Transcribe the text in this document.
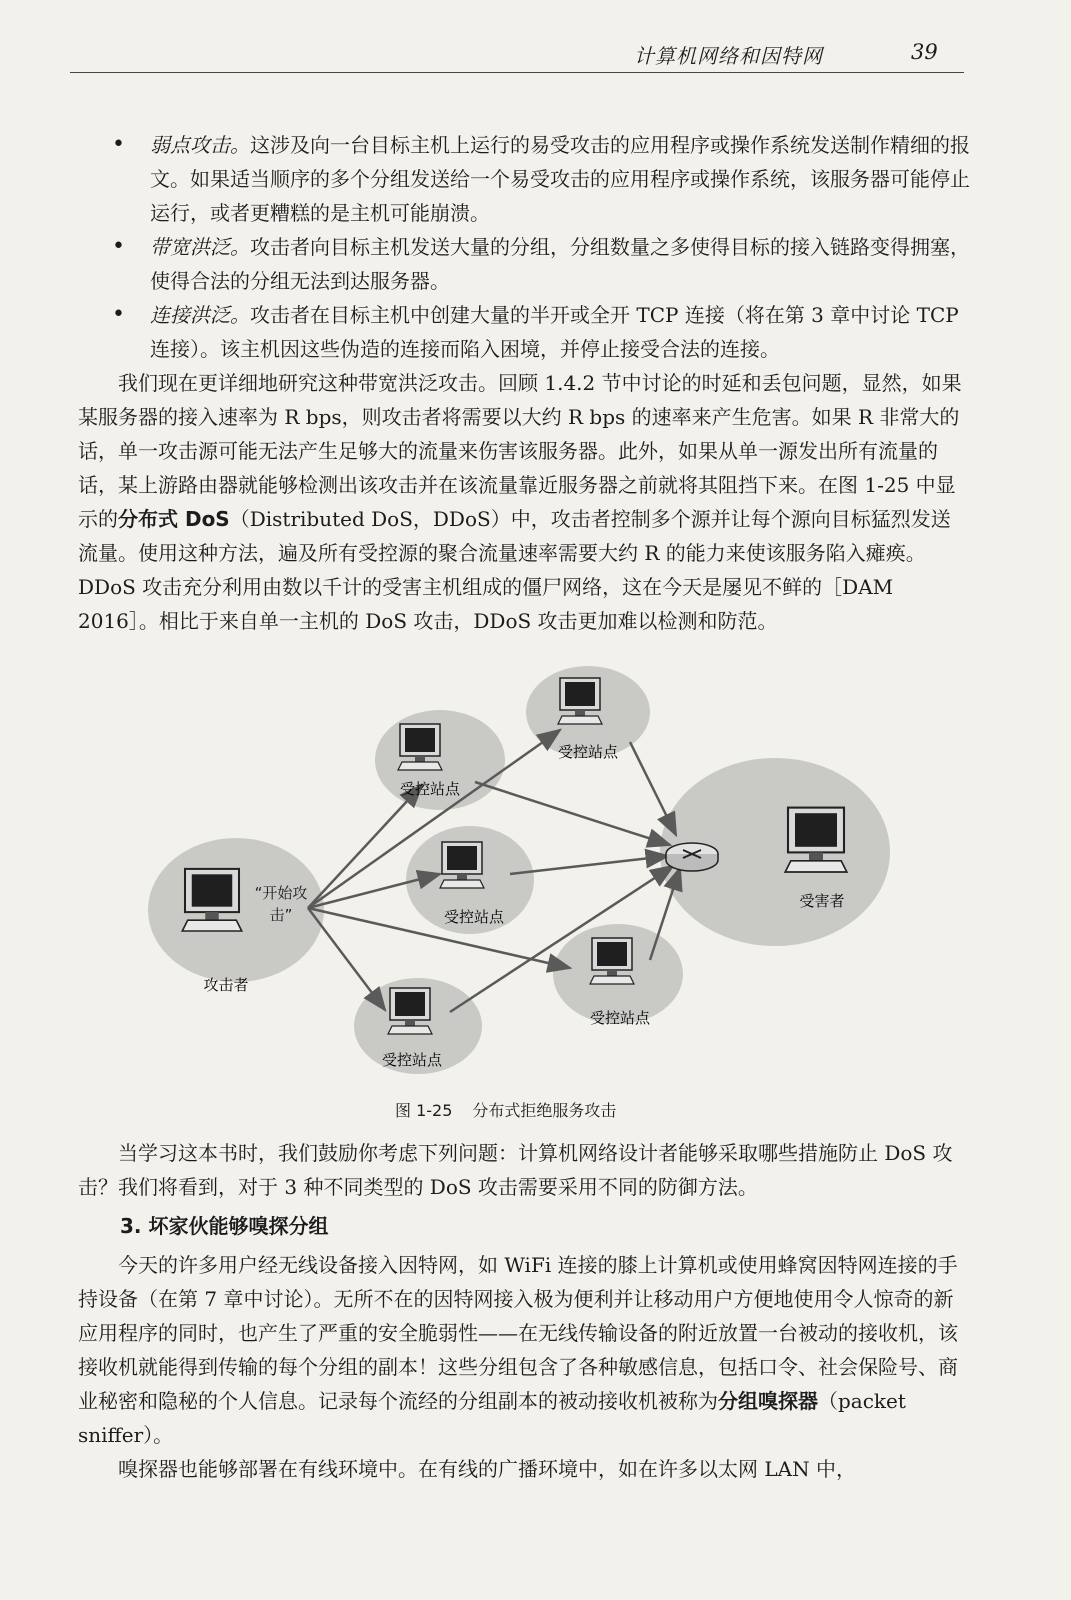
计算机网络和因特网	39
• 弱点攻击。这涉及向一台目标主机上运行的易受攻击的应用程序或操作系统发送制作精细的报文。如果适当顺序的多个分组发送给一个易受攻击的应用程序或操作系统，该服务器可能停止运行，或者更糟糕的是主机可能崩溃。
• 带宽洪泛。攻击者向目标主机发送大量的分组，分组数量之多使得目标的接入链路变得拥塞，使得合法的分组无法到达服务器。
• 连接洪泛。攻击者在目标主机中创建大量的半开或全开 TCP 连接（将在第 3 章中讨论 TCP 连接）。该主机因这些伪造的连接而陷入困境，并停止接受合法的连接。
我们现在更详细地研究这种带宽洪泛攻击。回顾 1.4.2 节中讨论的时延和丢包问题，显然，如果某服务器的接入速率为 R bps，则攻击者将需要以大约 R bps 的速率来产生危害。如果 R 非常大的话，单一攻击源可能无法产生足够大的流量来伤害该服务器。此外，如果从单一源发出所有流量的话，某上游路由器就能够检测出该攻击并在该流量靠近服务器之前就将其阻挡下来。在图 1-25 中显示的分布式 DoS（Distributed DoS，DDoS）中，攻击者控制多个源并让每个源向目标猛烈发送流量。使用这种方法，遍及所有受控源的聚合流量速率需要大约 R 的能力来使该服务陷入瘫痪。DDoS 攻击充分利用由数以千计的受害主机组成的僵尸网络，这在今天是屡见不鲜的［DAM 2016］。相比于来自单一主机的 DoS 攻击，DDoS 攻击更加难以检测和防范。
受控站点
受控站点
受控站点
受控站点
受控站点
攻击者
受害者
“开始攻击”
图 1-25 分布式拒绝服务攻击
当学习这本书时，我们鼓励你考虑下列问题：计算机网络设计者能够采取哪些措施防止 DoS 攻击？我们将看到，对于 3 种不同类型的 DoS 攻击需要采用不同的防御方法。
3. 坏家伙能够嗅探分组
今天的许多用户经无线设备接入因特网，如 WiFi 连接的膝上计算机或使用蜂窝因特网连接的手持设备（在第 7 章中讨论）。无所不在的因特网接入极为便利并让移动用户方便地使用令人惊奇的新应用程序的同时，也产生了严重的安全脆弱性——在无线传输设备的附近放置一台被动的接收机，该接收机就能得到传输的每个分组的副本！这些分组包含了各种敏感信息，包括口令、社会保险号、商业秘密和隐秘的个人信息。记录每个流经的分组副本的被动接收机被称为分组嗅探器（packet sniffer）。
嗅探器也能够部署在有线环境中。在有线的广播环境中，如在许多以太网 LAN 中，
